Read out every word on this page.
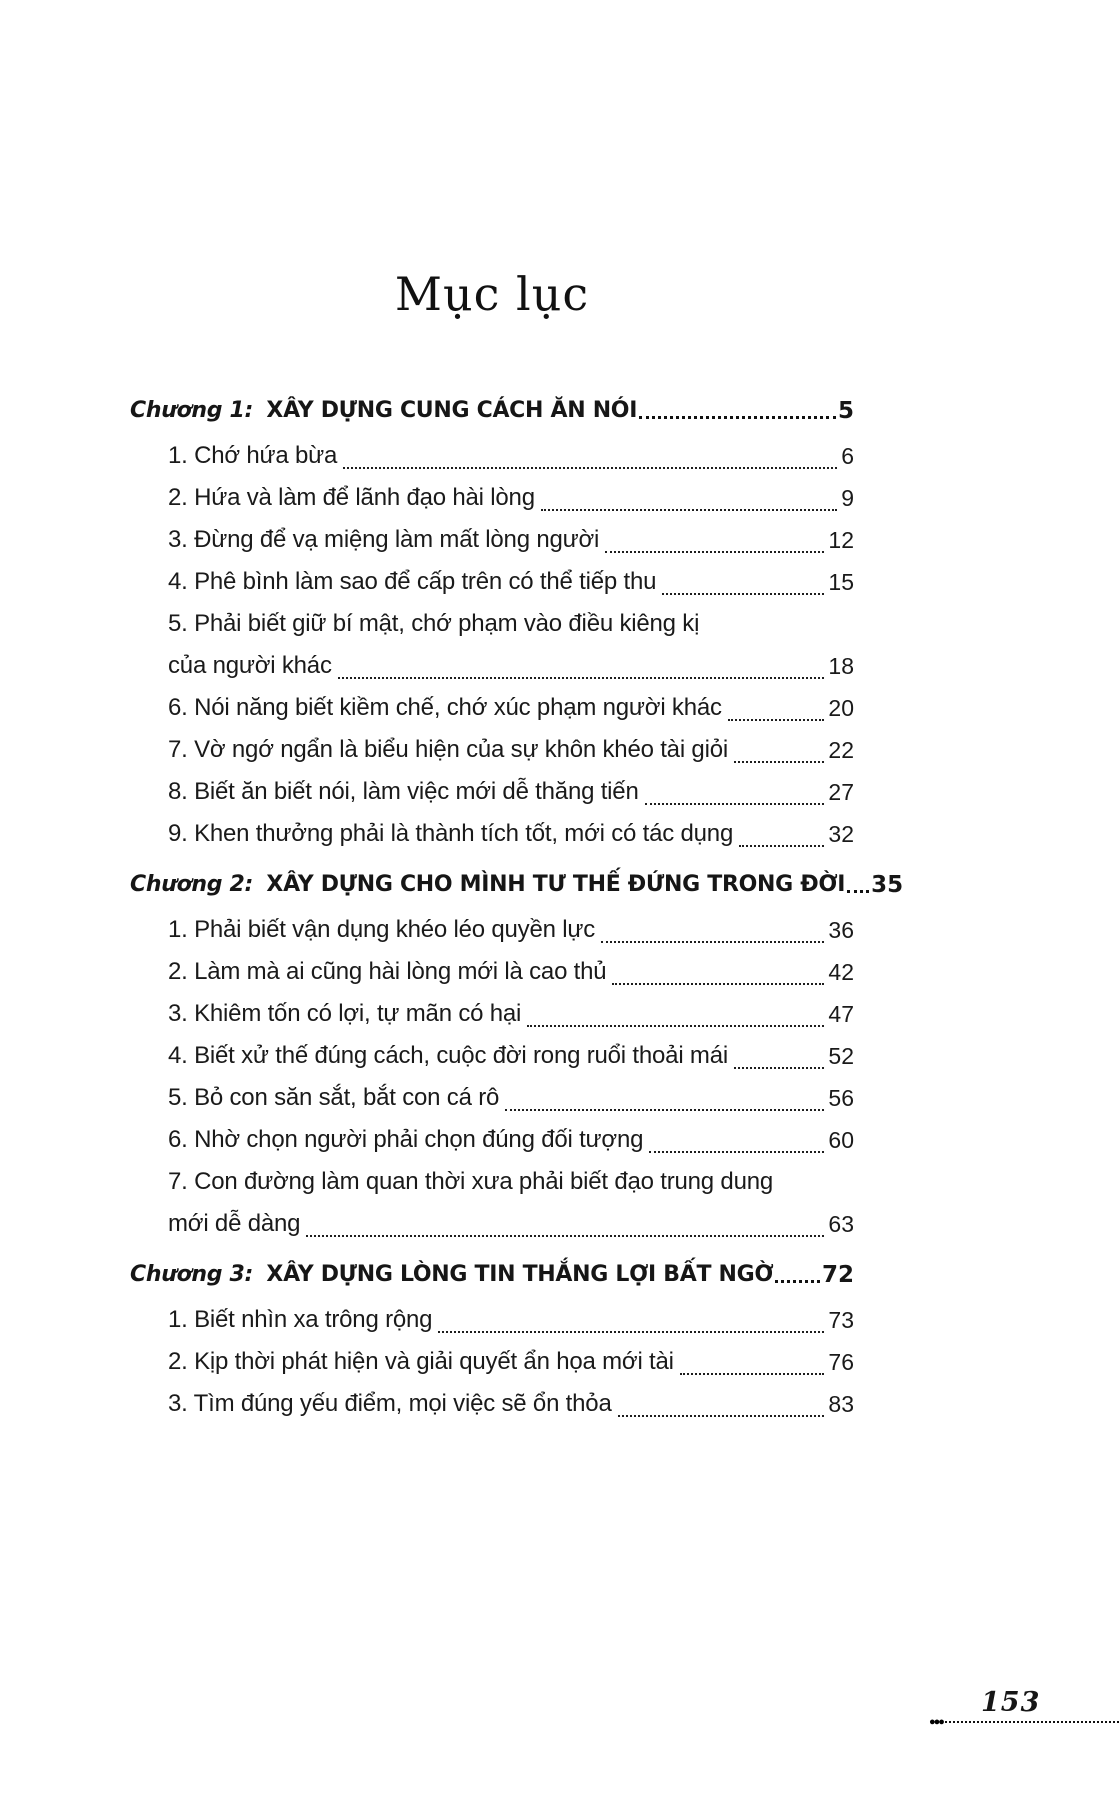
Mục lục
Chương 1: XÂY DỰNG CUNG CÁCH ĂN NÓI	5
1. Chớ hứa bừa	6
2. Hứa và làm để lãnh đạo hài lòng	9
3. Đừng để vạ miệng làm mất lòng người	12
4. Phê bình làm sao để cấp trên có thể tiếp thu	15
5. Phải biết giữ bí mật, chớ phạm vào điều kiêng kị
của người khác	18
6. Nói năng biết kiềm chế, chớ xúc phạm người khác	20
7. Vờ ngớ ngẩn là biểu hiện của sự khôn khéo tài giỏi	22
8. Biết ăn biết nói, làm việc mới dễ thăng tiến	27
9. Khen thưởng phải là thành tích tốt, mới có tác dụng	32
Chương 2: XÂY DỰNG CHO MÌNH TƯ THẾ ĐỨNG TRONG ĐỜI 35
1. Phải biết vận dụng khéo léo quyền lực	36
2. Làm mà ai cũng hài lòng mới là cao thủ	42
3. Khiêm tốn có lợi, tự mãn có hại	47
4. Biết xử thế đúng cách, cuộc đời rong ruổi thoải mái	52
5. Bỏ con săn sắt, bắt con cá rô	56
6. Nhờ chọn người phải chọn đúng đối tượng	60
7. Con đường làm quan thời xưa phải biết đạo trung dung
mới dễ dàng	63
Chương 3: XÂY DỰNG LÒNG TIN THẮNG LỢI BẤT NGỜ 72
1. Biết nhìn xa trông rộng	73
2. Kịp thời phát hiện và giải quyết ẩn họa mới tài	76
3. Tìm đúng yếu điểm, mọi việc sẽ ổn thỏa	83
153
●●●
